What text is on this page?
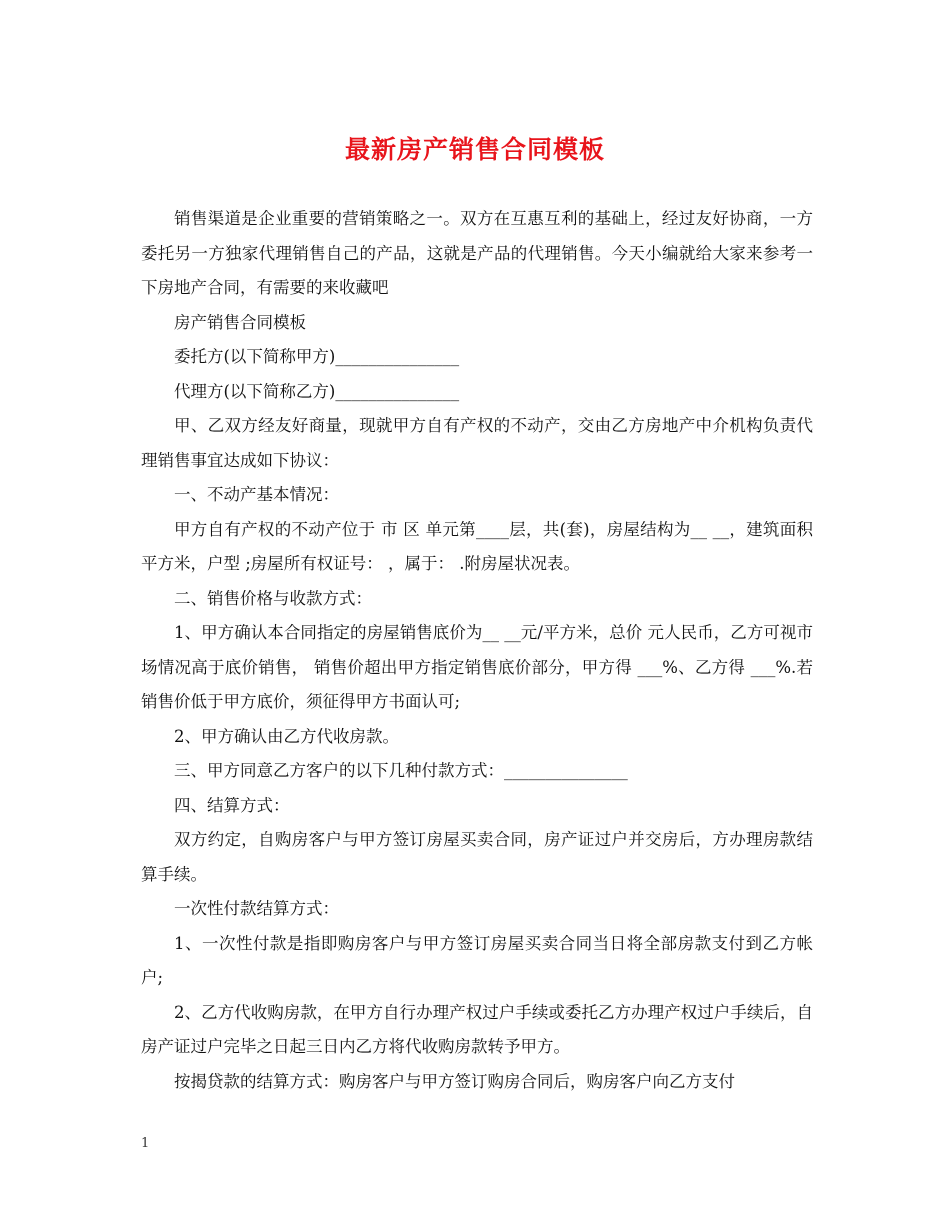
最新房产销售合同模板

销售渠道是企业重要的营销策略之一。双方在互惠互利的基础上，经过友好协商，一方委托另一方独家代理销售自己的产品，这就是产品的代理销售。今天小编就给大家来参考一下房地产合同，有需要的来收藏吧

房产销售合同模板

委托方(以下简称甲方)_______________

代理方(以下简称乙方)_______________

甲、乙双方经友好商量，现就甲方自有产权的不动产，交由乙方房地产中介机构负责代理销售事宜达成如下协议：

一、不动产基本情况：

甲方自有产权的不动产位于 市 区 单元第____层，共(套)，房屋结构为__ __，建筑面积 平方米，户型 ;房屋所有权证号： ，属于： .附房屋状况表。

二、销售价格与收款方式：

1、甲方确认本合同指定的房屋销售底价为__ __元/平方米，总价 元人民币，乙方可视市场情况高于底价销售， 销售价超出甲方指定销售底价部分，甲方得 ___%、乙方得 ___%.若销售价低于甲方底价，须征得甲方书面认可;

2、甲方确认由乙方代收房款。

三、甲方同意乙方客户的以下几种付款方式：_______________

四、结算方式：

双方约定，自购房客户与甲方签订房屋买卖合同，房产证过户并交房后，方办理房款结算手续。

一次性付款结算方式：

1、一次性付款是指即购房客户与甲方签订房屋买卖合同当日将全部房款支付到乙方帐户;

2、乙方代收购房款，在甲方自行办理产权过户手续或委托乙方办理产权过户手续后，自房产证过户完毕之日起三日内乙方将代收购房款转予甲方。

按揭贷款的结算方式：购房客户与甲方签订购房合同后，购房客户向乙方支付

1
